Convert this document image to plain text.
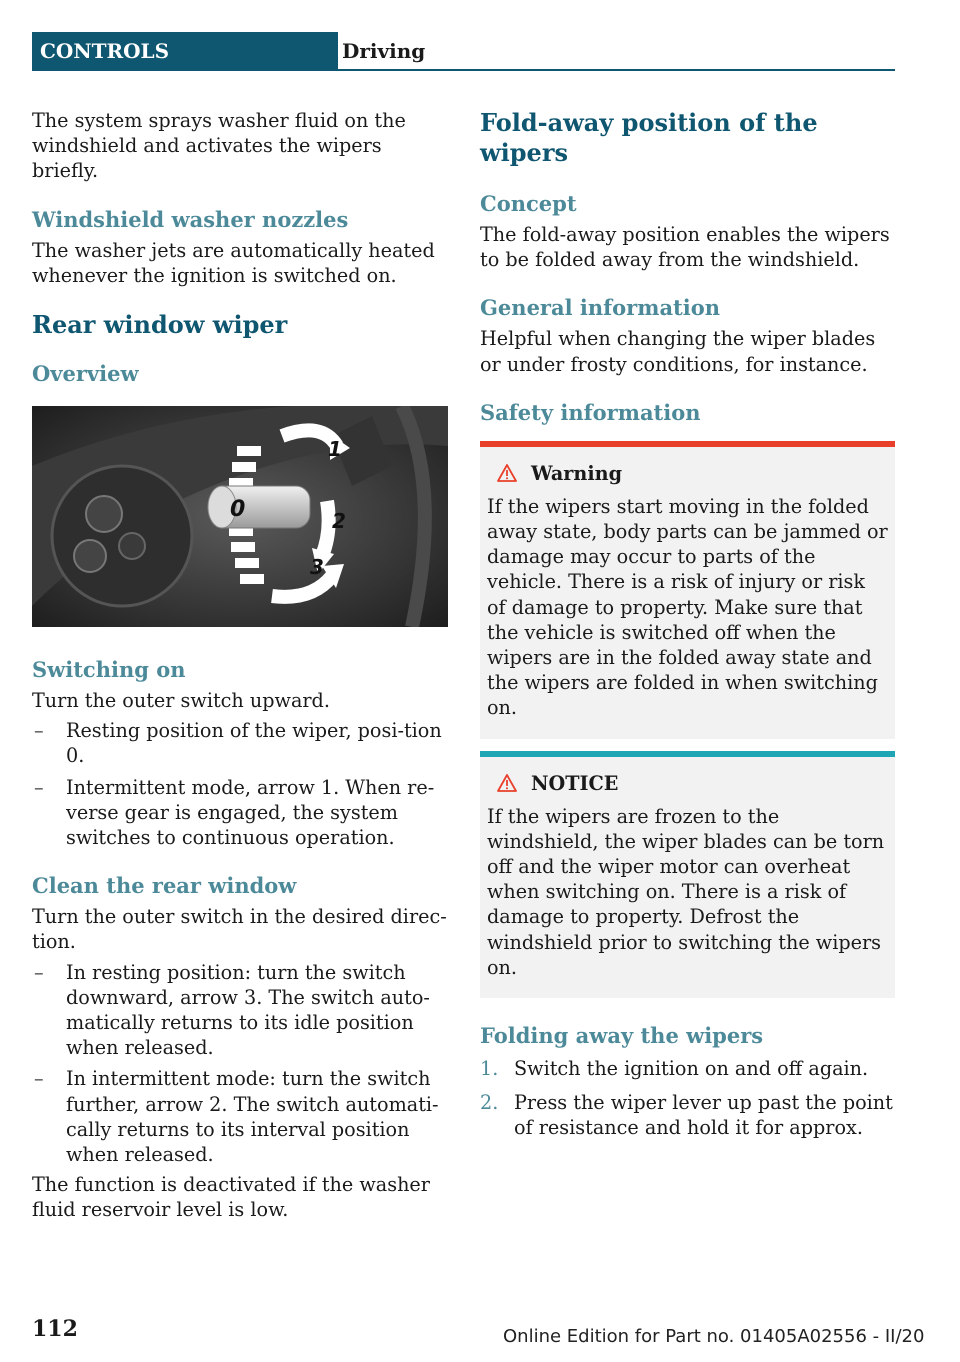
CONTROLS	Driving

The system sprays washer fluid on the windshield and activates the wipers briefly.

Windshield washer nozzles

The washer jets are automatically heated whenever the ignition is switched on.

Rear window wiper
Overview
0
1
2
3
Switching on

Turn the outer switch upward.

– Resting position of the wiper, posi-tion 0.
– Intermittent mode, arrow 1. When re-verse gear is engaged, the system switches to continuous operation.
Clean the rear window

Turn the outer switch in the desired direc-tion.

– In resting position: turn the switch downward, arrow 3. The switch auto-matically returns to its idle position when released.
– In intermittent mode: turn the switch further, arrow 2. The switch automati-cally returns to its interval position when released.

The function is deactivated if the washer fluid reservoir level is low.

Fold-away position of the wipers
Concept

The fold-away position enables the wipers to be folded away from the windshield.

General information

Helpful when changing the wiper blades or under frosty conditions, for instance.

Safety information
Warning

If the wipers start moving in the folded away state, body parts can be jammed or damage may occur to parts of the vehicle. There is a risk of injury or risk of damage to property. Make sure that the vehicle is switched off when the wipers are in the folded away state and the wipers are folded in when switching on.

NOTICE

If the wipers are frozen to the windshield, the wiper blades can be torn off and the wiper motor can overheat when switching on. There is a risk of damage to property. Defrost the windshield prior to switching the wipers on.

Folding away the wipers
1. Switch the ignition on and off again.
2. Press the wiper lever up past the point of resistance and hold it for approx.
112	Online Edition for Part no. 01405A02556 - II/20
